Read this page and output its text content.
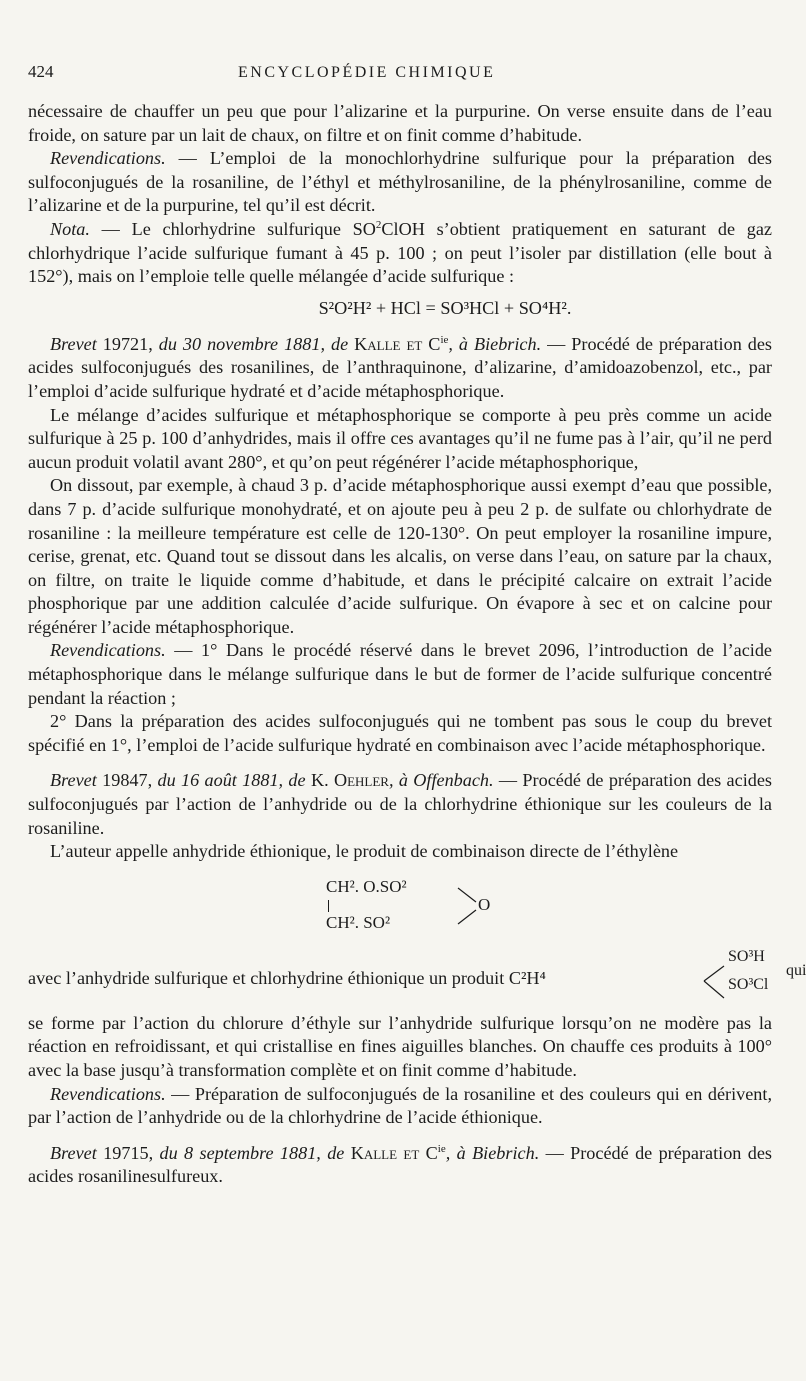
424	ENCYCLOPÉDIE CHIMIQUE

nécessaire de chauffer un peu que pour l’alizarine et la purpurine. On verse ensuite dans de l’eau froide, on sature par un lait de chaux, on filtre et on finit comme d’habitude.

Revendications. — L’emploi de la monochlorhydrine sulfurique pour la préparation des sulfoconjugués de la rosaniline, de l’éthyl et méthylrosaniline, de la phénylrosaniline, comme de l’alizarine et de la purpurine, tel qu’il est décrit.

Nota. — Le chlorhydrine sulfurique $SO^2ClOH$ s’obtient pratiquement en saturant de gaz chlorhydrique l’acide sulfurique fumant à 45 p. 100 ; on peut l’isoler par distillation (elle bout à 152°), mais on l’emploie telle quelle mélangée d’acide sulfurique :

S²O²H² + HCl = SO³HCl + SO⁴H².

Brevet 19721, du 30 novembre 1881, de Kalle et $C^{ie}$, à Biebrich. — Procédé de préparation des acides sulfoconjugués des rosanilines, de l’anthraquinone, d’alizarine, d’amidoazobenzol, etc., par l’emploi d’acide sulfurique hydraté et d’acide métaphosphorique.

Le mélange d’acides sulfurique et métaphosphorique se comporte à peu près comme un acide sulfurique à 25 p. 100 d’anhydrides, mais il offre ces avantages qu’il ne fume pas à l’air, qu’il ne perd aucun produit volatil avant 280°, et qu’on peut régénérer l’acide métaphosphorique,

On dissout, par exemple, à chaud 3 p. d’acide métaphosphorique aussi exempt d’eau que possible, dans 7 p. d’acide sulfurique monohydraté, et on ajoute peu à peu 2 p. de sulfate ou chlorhydrate de rosaniline : la meilleure température est celle de 120-130°. On peut employer la rosaniline impure, cerise, grenat, etc. Quand tout se dissout dans les alcalis, on verse dans l’eau, on sature par la chaux, on filtre, on traite le liquide comme d’habitude, et dans le précipité calcaire on extrait l’acide phosphorique par une addition calculée d’acide sulfurique. On évapore à sec et on calcine pour régénérer l’acide métaphosphorique.

Revendications. — 1° Dans le procédé réservé dans le brevet 2096, l’introduction de l’acide métaphosphorique dans le mélange sulfurique dans le but de former de l’acide sulfurique concentré pendant la réaction ;

2° Dans la préparation des acides sulfoconjugués qui ne tombent pas sous le coup du brevet spécifié en 1°, l’emploi de l’acide sulfurique hydraté en combinaison avec l’acide métaphosphorique.

Brevet 19847, du 16 août 1881, de K. Oehler, à Offenbach. — Procédé de préparation des acides sulfoconjugués par l’action de l’anhydride ou de la chlorhydrine éthionique sur les couleurs de la rosaniline.

L’auteur appelle anhydride éthionique, le produit de combinaison directe de l’éthylène

CH². O.SO²
CH². SO²
O
avec l’anhydride sulfurique et chlorhydrine éthionique un produit C²H⁴
SO³H
SO³Cl
qui

se forme par l’action du chlorure d’éthyle sur l’anhydride sulfurique lorsqu’on ne modère pas la réaction en refroidissant, et qui cristallise en fines aiguilles blanches. On chauffe ces produits à 100° avec la base jusqu’à transformation complète et on finit comme d’habitude.

Revendications. — Préparation de sulfoconjugués de la rosaniline et des couleurs qui en dérivent, par l’action de l’anhydride ou de la chlorhydrine de l’acide éthionique.

Brevet 19715, du 8 septembre 1881, de Kalle et $C^{ie}$, à Biebrich. — Procédé de préparation des acides rosanilinesulfureux.
